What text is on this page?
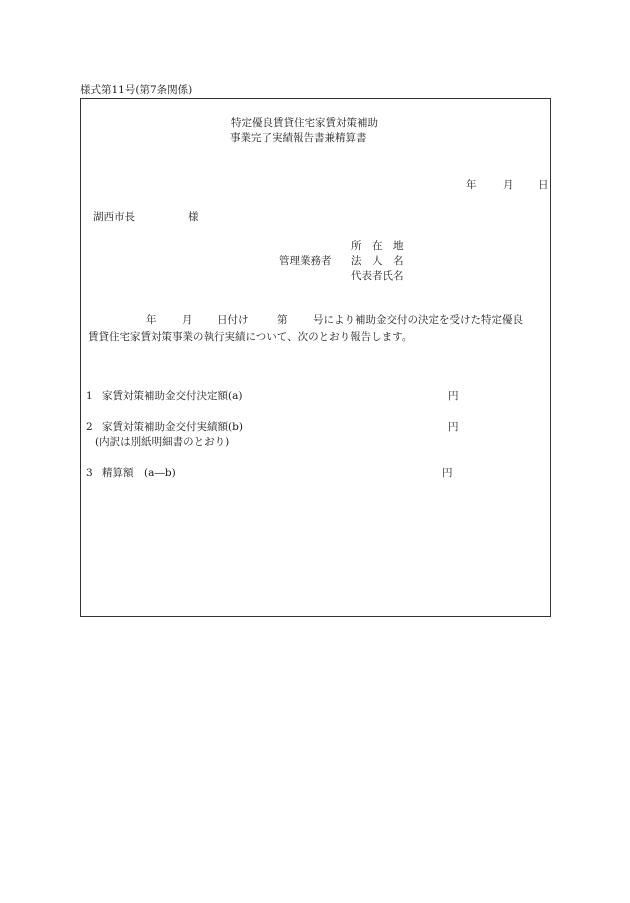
様式第11号(第7条関係)
特定優良賃貸住宅家賃対策補助
事業完了実績報告書兼精算書
年	月 日
湖西市長	様
所　在　地
管理業務者 法　人　名
代表者氏名
年 月 日付け	第 号により補助金交付の決定を受けた特定優良
賃貸住宅家賃対策事業の執行実績について、次のとおり報告します。
1 家賃対策補助金交付決定額(a)	円
2 家賃対策補助金交付実績額(b)	円
(内訳は別紙明細書のとおり)
3 精算額　(a―b)	円
